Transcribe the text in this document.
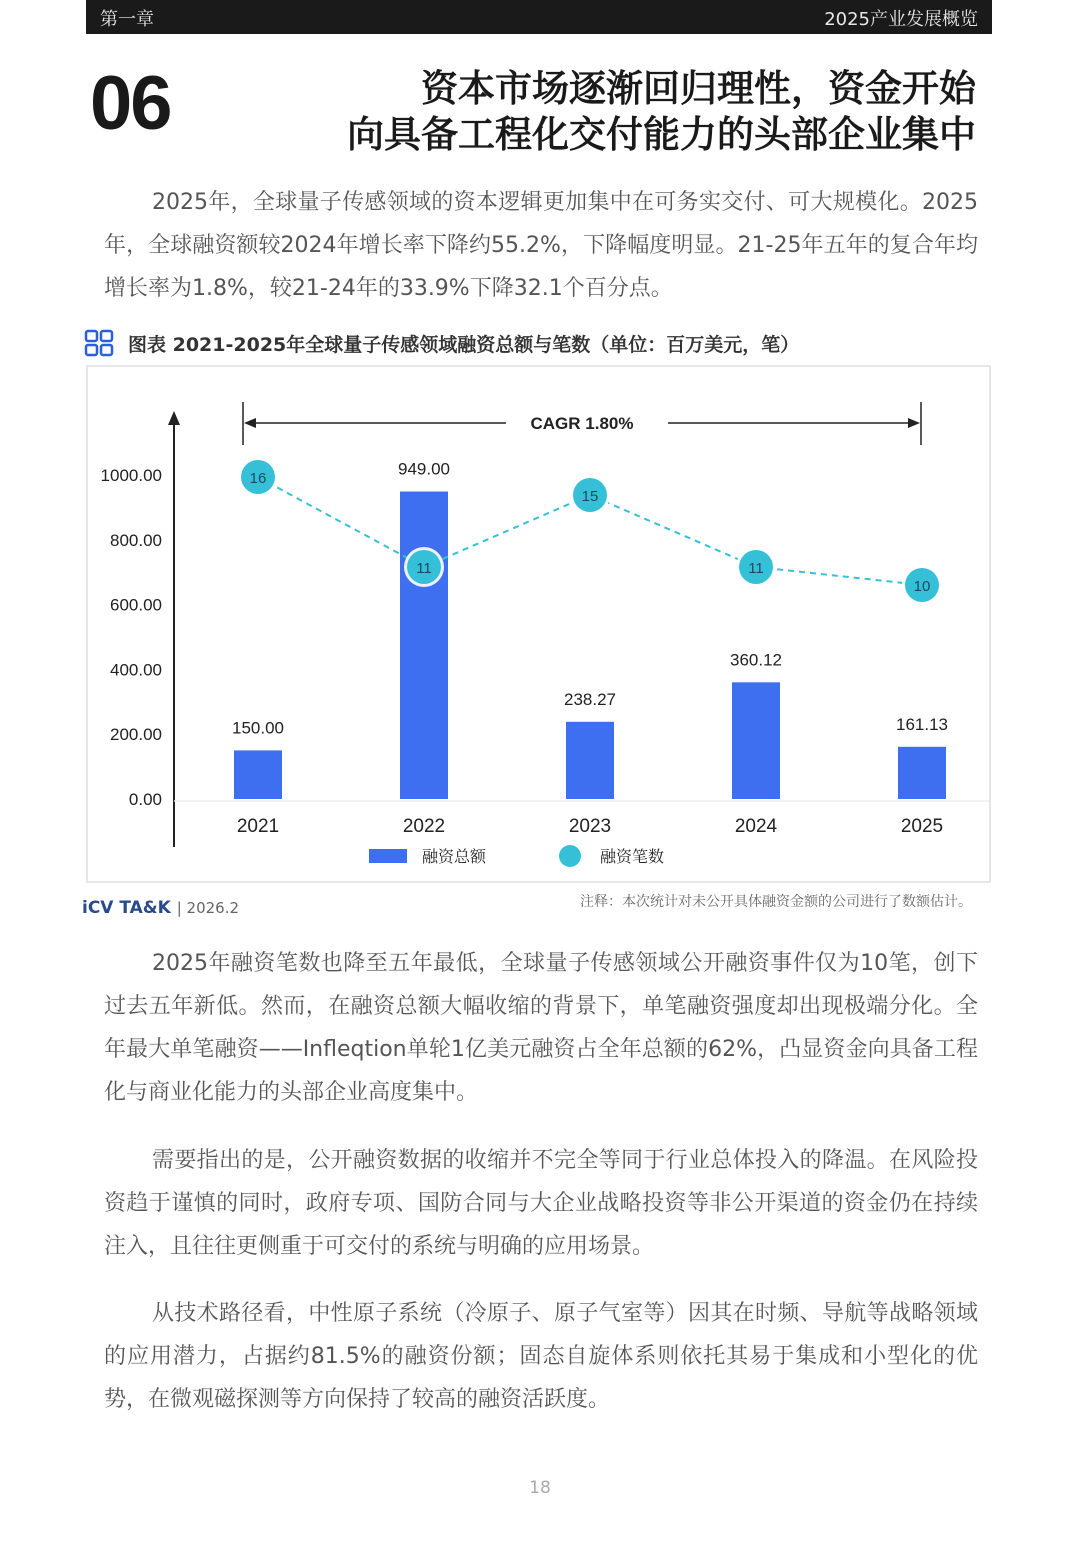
第一章	2025产业发展概览
06	资本市场逐渐回归理性，资金开始
向具备工程化交付能力的头部企业集中

2025年，全球量子传感领域的资本逻辑更加集中在可务实交付、可大规模化。2025年，全球融资额较2024年增长率下降约55.2%，下降幅度明显。21-25年五年的复合年均增长率为1.8%，较21-24年的33.9%下降32.1个百分点。

图表 2021-2025年全球量子传感领域融资总额与笔数（单位：百万美元，笔）
0.00
200.00
400.00
600.00
800.00
1000.00
CAGR 1.80%
150.00
2021
949.00
2022
238.27
2023
360.12
2024
161.13
2025
16
11
15
11
10
融资总额	融资笔数
iCV TA&K | 2026.2	注释：本次统计对未公开具体融资金额的公司进行了数额估计。

2025年融资笔数也降至五年最低，全球量子传感领域公开融资事件仅为10笔，创下过去五年新低。然而，在融资总额大幅收缩的背景下，单笔融资强度却出现极端分化。全年最大单笔融资——Infleqtion单轮1亿美元融资占全年总额的62%，凸显资金向具备工程化与商业化能力的头部企业高度集中。

需要指出的是，公开融资数据的收缩并不完全等同于行业总体投入的降温。在风险投资趋于谨慎的同时，政府专项、国防合同与大企业战略投资等非公开渠道的资金仍在持续注入，且往往更侧重于可交付的系统与明确的应用场景。

从技术路径看，中性原子系统（冷原子、原子气室等）因其在时频、导航等战略领域的应用潜力，占据约81.5%的融资份额；固态自旋体系则依托其易于集成和小型化的优势，在微观磁探测等方向保持了较高的融资活跃度。

18
